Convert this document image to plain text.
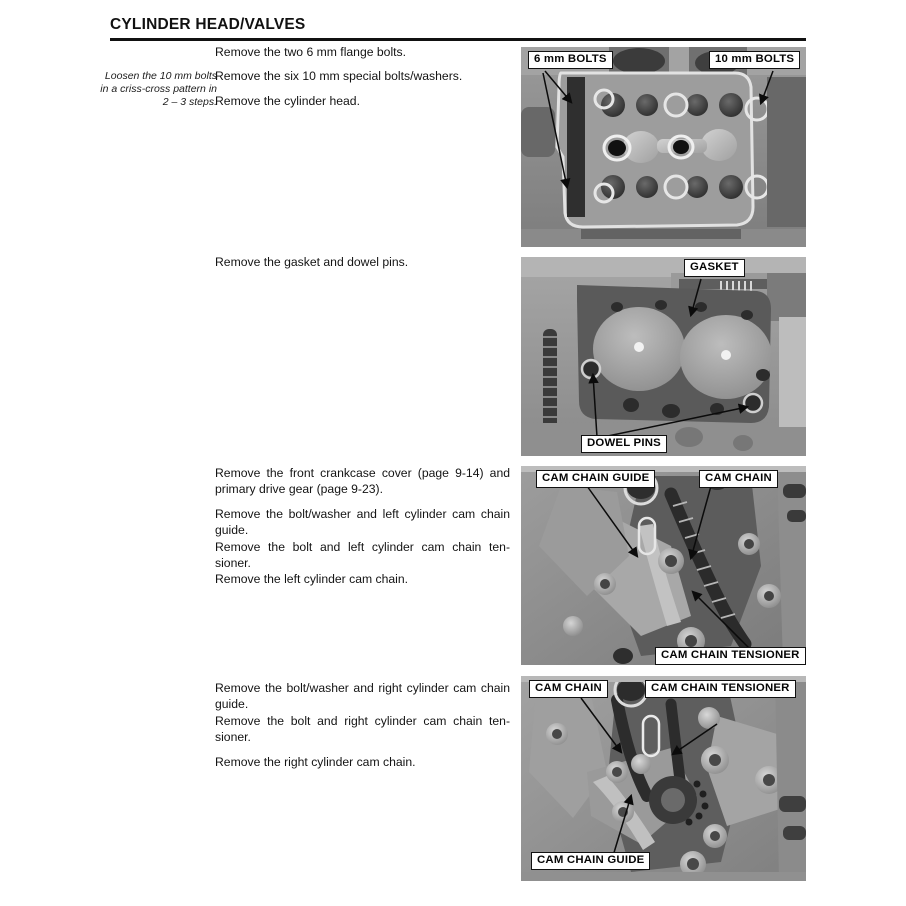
CYLINDER HEAD/VALVES
Loosen the 10 mm bolts in a criss-cross pattern in 2 – 3 steps.

Remove the two 6 mm flange bolts.

Remove the six 10 mm special bolts/washers.

Remove the cylinder head.

Remove the gasket and dowel pins.

Remove the front crankcase cover (page 9-14) and primary drive gear (page 9-23).

Remove the bolt/washer and left cylinder cam chain guide.

Remove the bolt and left cylinder cam chain ten-sioner.

Remove the left cylinder cam chain.

Remove the bolt/washer and right cylinder cam chain guide.

Remove the bolt and right cylinder cam chain ten-sioner.

Remove the right cylinder cam chain.

6 mm BOLTS	10 mm BOLTS
GASKET
DOWEL PINS
CAM CHAIN GUIDE	CAM CHAIN
CAM CHAIN TENSIONER
CAM CHAIN	CAM CHAIN TENSIONER
CAM CHAIN GUIDE
